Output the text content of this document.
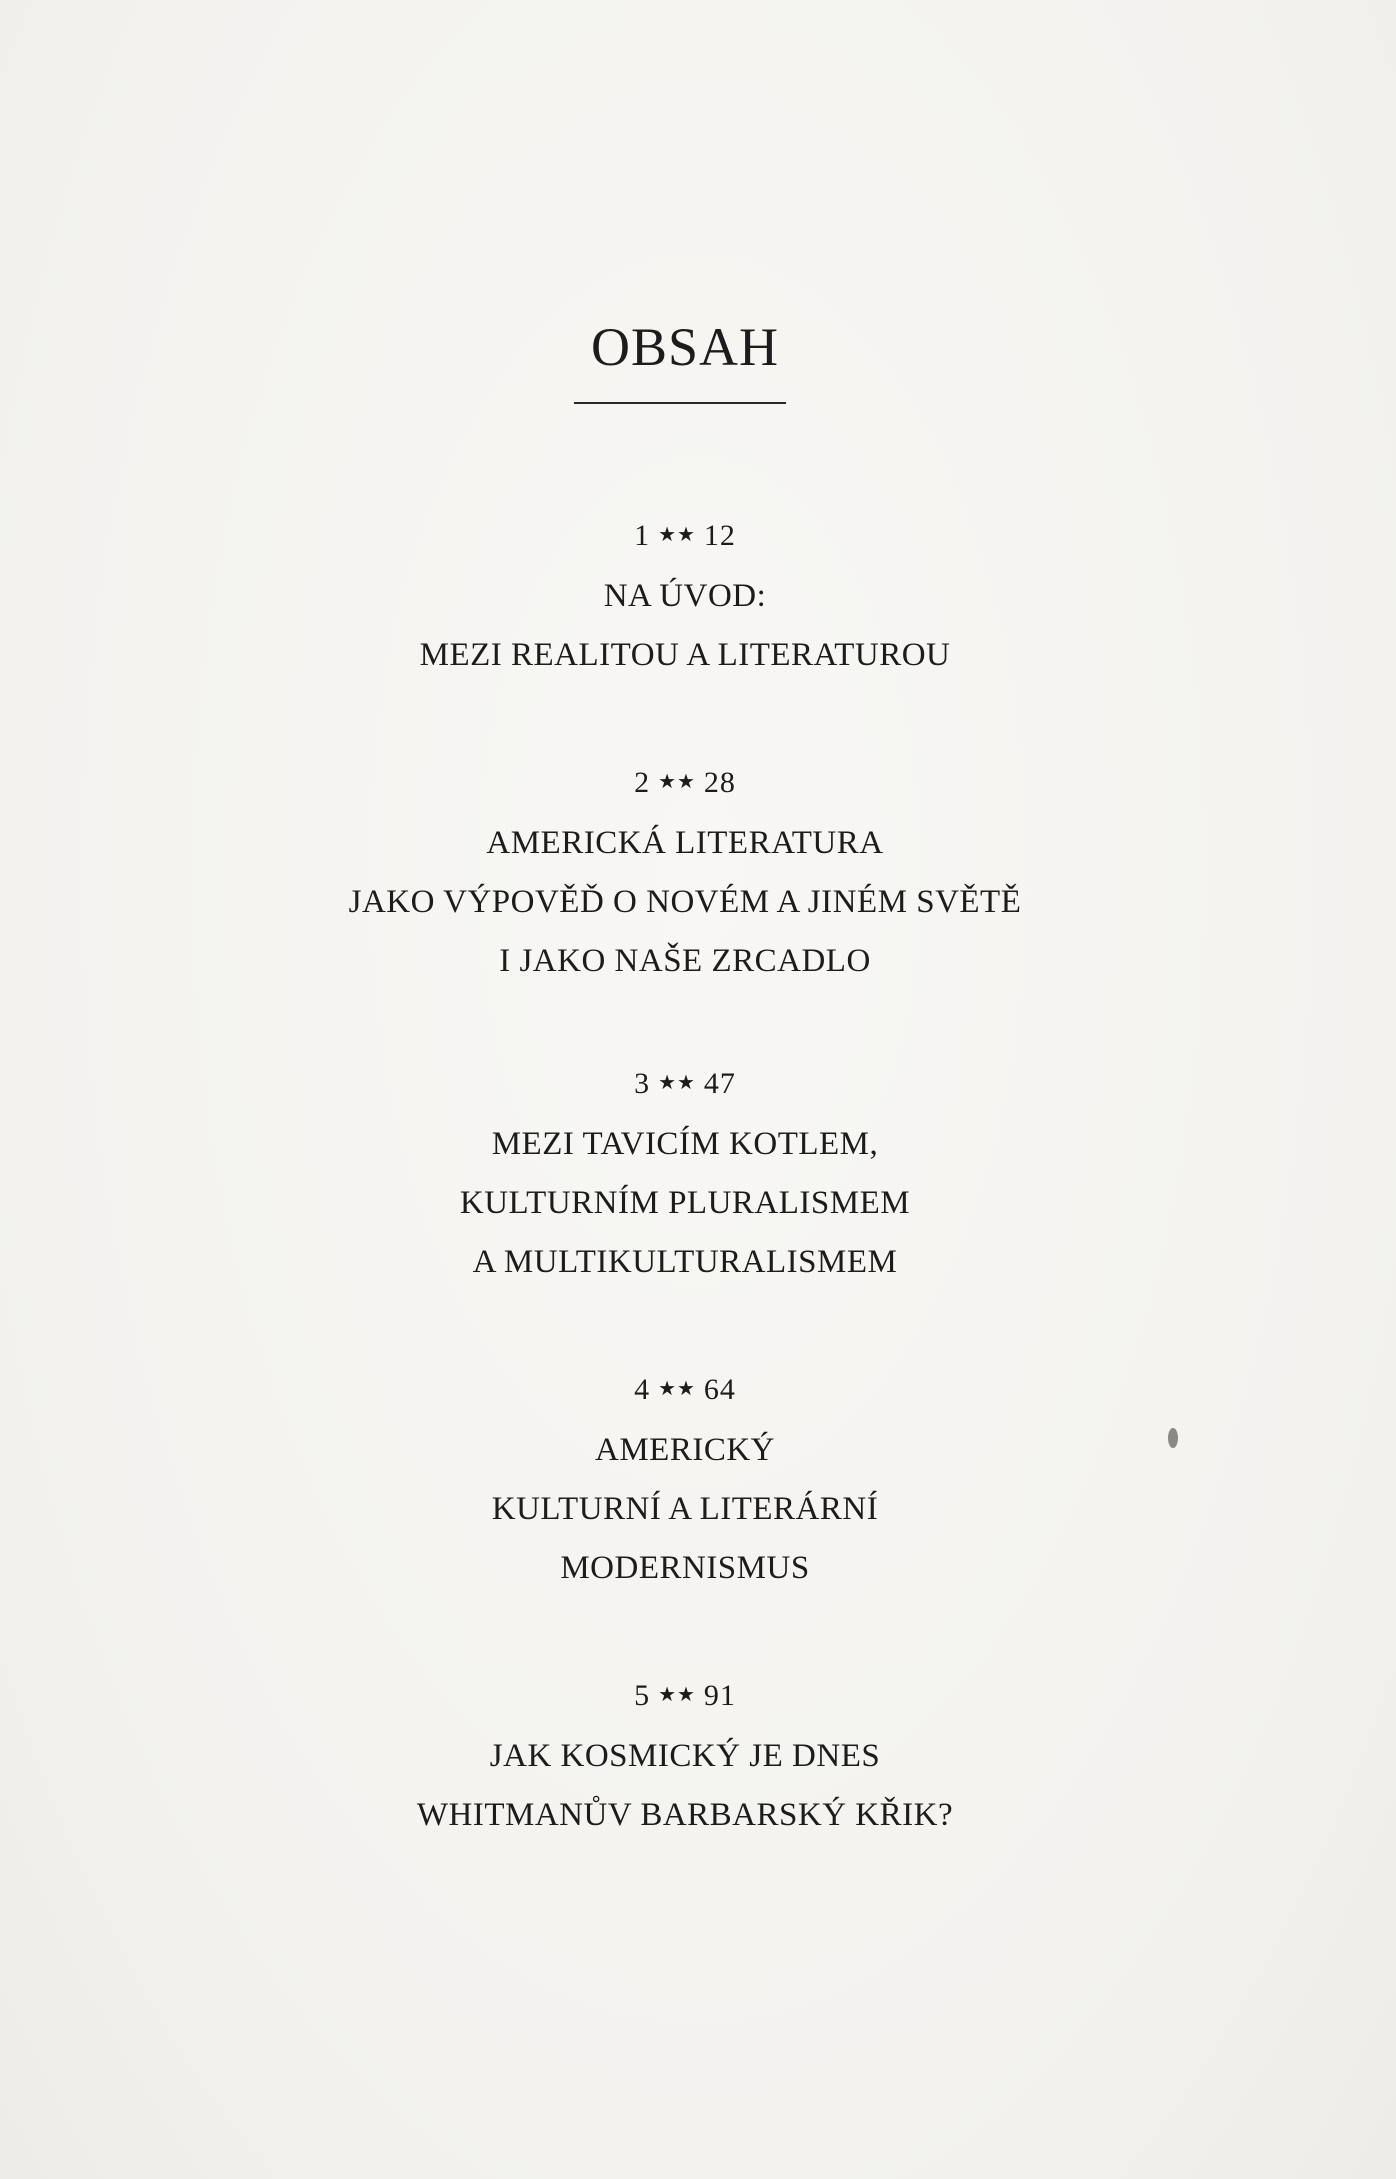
OBSAH
1 ★★ 12
NA ÚVOD:
MEZI REALITOU A LITERATUROU
2 ★★ 28
AMERICKÁ LITERATURA
JAKO VÝPOVĚĎ O NOVÉM A JINÉM SVĚTĚ
I JAKO NAŠE ZRCADLO
3 ★★ 47
MEZI TAVICÍM KOTLEM,
KULTURNÍM PLURALISMEM
A MULTIKULTURALISMEM
4 ★★ 64
AMERICKÝ
KULTURNÍ A LITERÁRNÍ
MODERNISMUS
5 ★★ 91
JAK KOSMICKÝ JE DNES
WHITMANŮV BARBARSKÝ KŘIK?
